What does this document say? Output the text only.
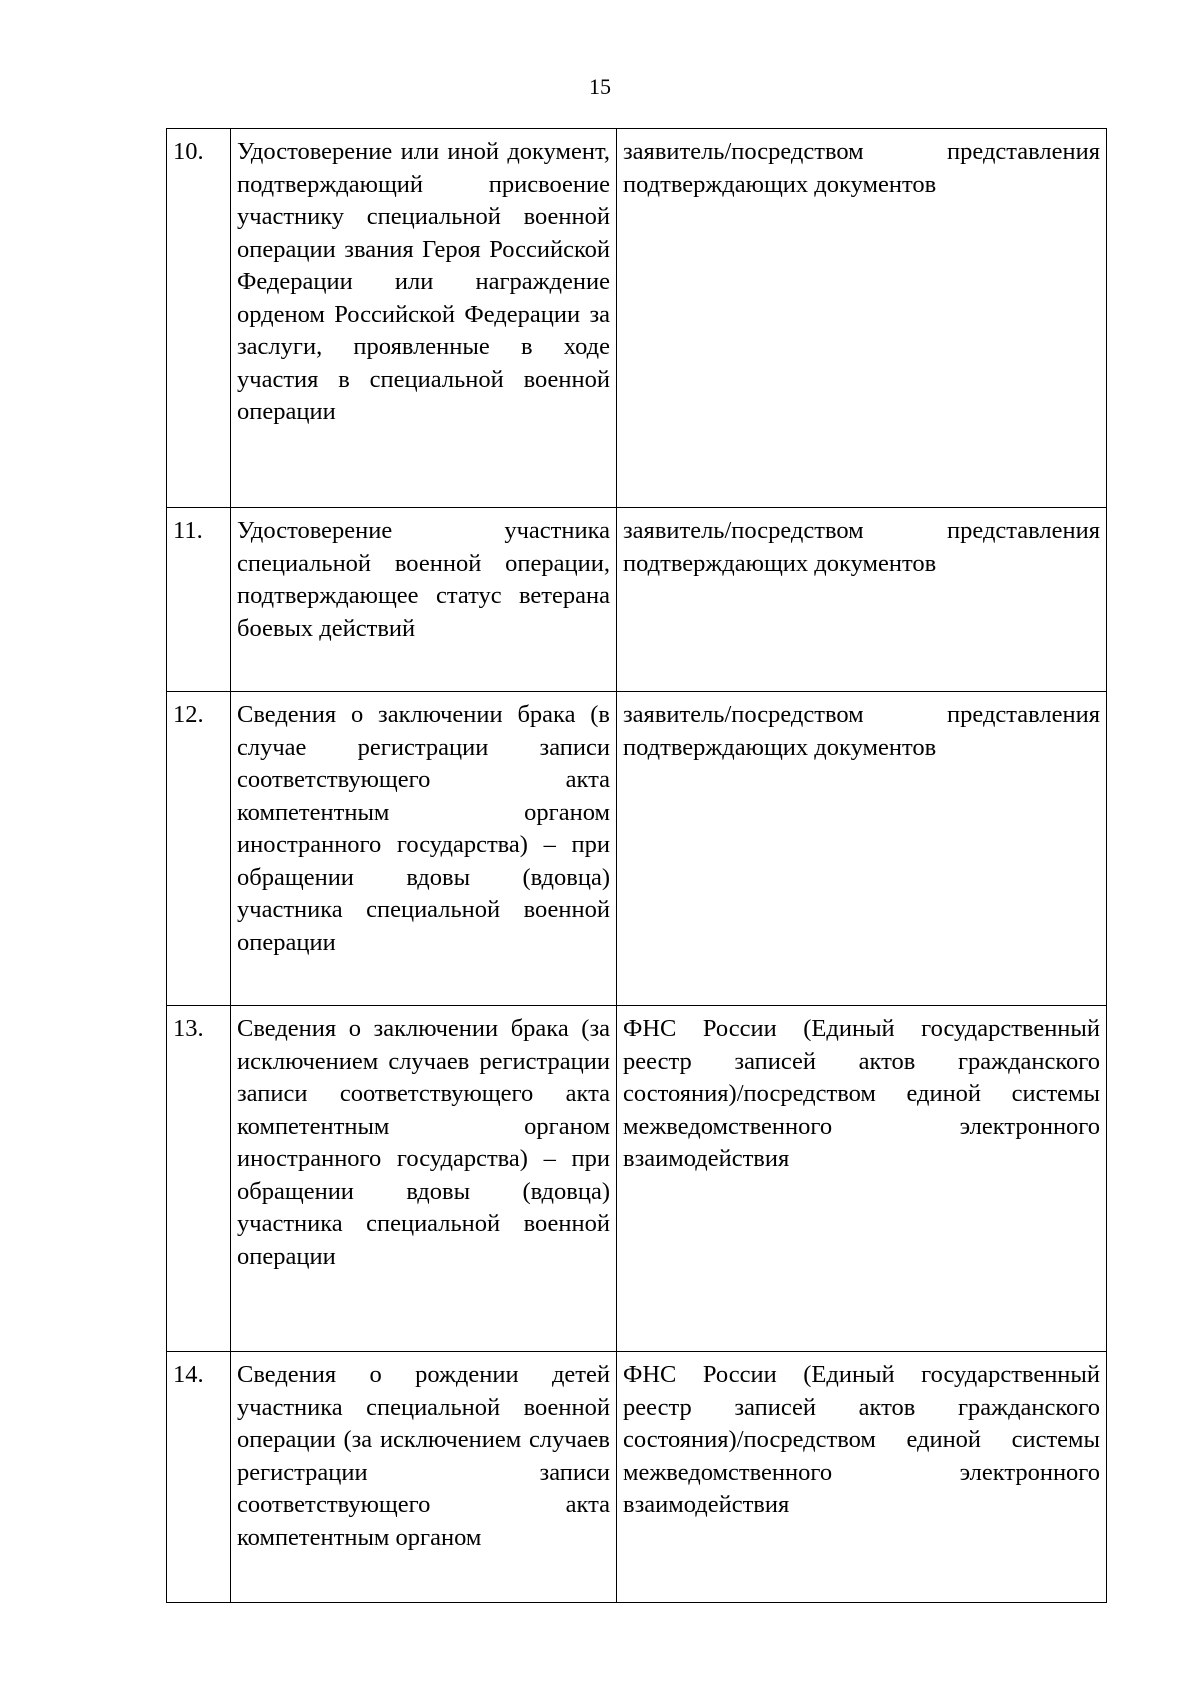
15
10.	Удостоверение или иной документ, подтверждающий присвоение участнику специальной военной операции звания Героя Российской Федерации или награждение орденом Российской Федерации за заслуги, проявленные в ходе участия в специальной военной операции	заявитель/посредством представления подтверждающих документов
11.	Удостоверение участника специальной военной операции, подтверждающее статус ветерана боевых действий	заявитель/посредством представления подтверждающих документов
12.	Сведения о заключении брака (в случае регистрации записи соответствующего акта компетентным органом иностранного государства) – при обращении вдовы (вдовца) участника специальной военной операции	заявитель/посредством представления подтверждающих документов
13.	Сведения о заключении брака (за исключением случаев регистрации записи соответствующего акта компетентным органом иностранного государства) – при обращении вдовы (вдовца) участника специальной военной операции	ФНС России (Единый государственный реестр записей актов гражданского состояния)/посредством единой системы межведомственного электронного взаимодействия
14.	Сведения о рождении детей участника специальной военной операции (за исключением случаев регистрации записи соответствующего акта компетентным органом	ФНС России (Единый государственный реестр записей актов гражданского состояния)/посредством единой системы межведомственного электронного взаимодействия
